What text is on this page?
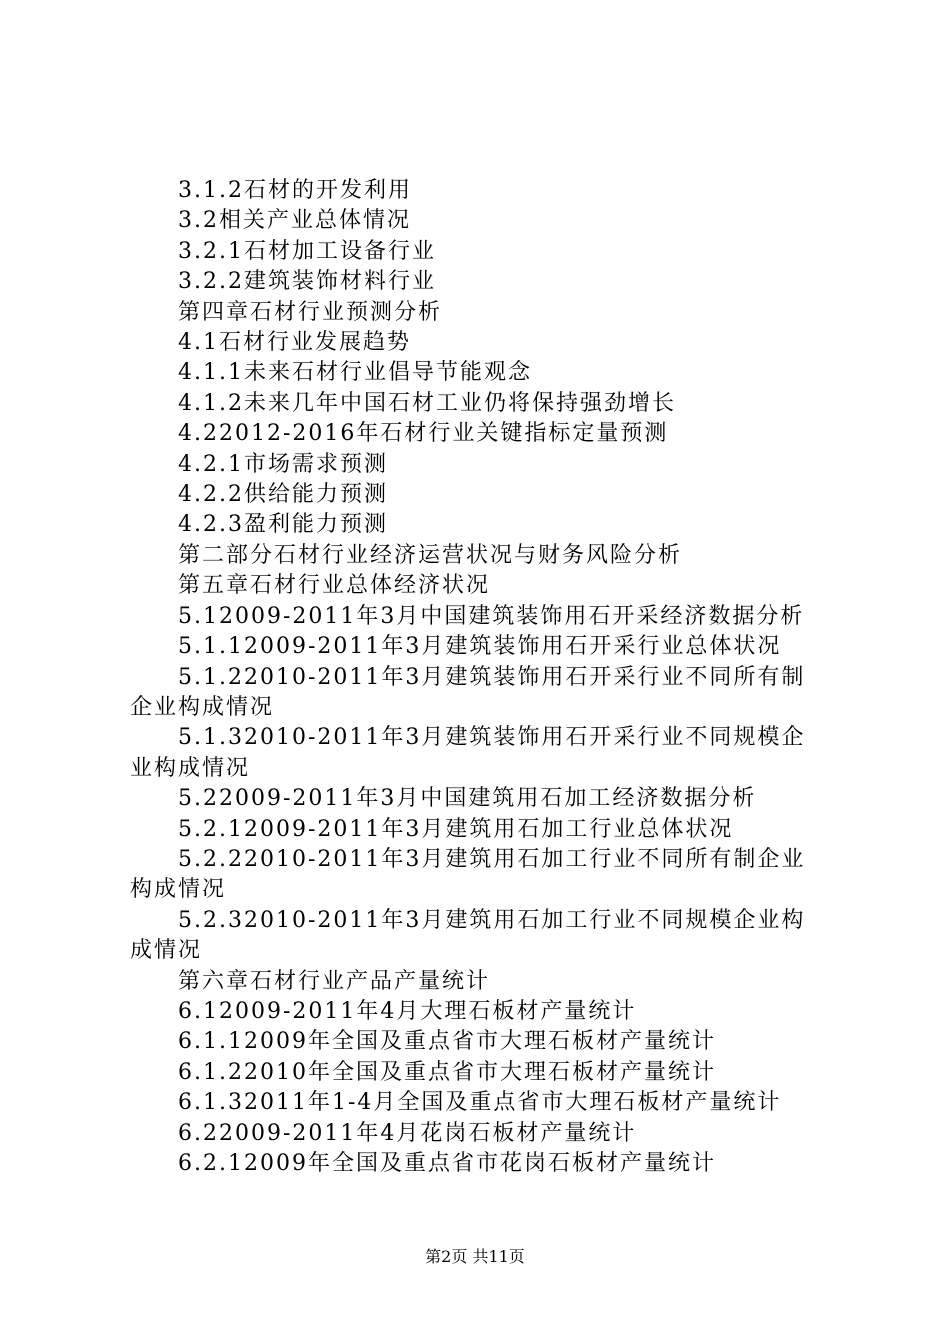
3.1.2石材的开发利用
3.2相关产业总体情况
3.2.1石材加工设备行业
3.2.2建筑装饰材料行业
第四章石材行业预测分析
4.1石材行业发展趋势
4.1.1未来石材行业倡导节能观念
4.1.2未来几年中国石材工业仍将保持强劲增长
4.22012-2016年石材行业关键指标定量预测
4.2.1市场需求预测
4.2.2供给能力预测
4.2.3盈利能力预测
第二部分石材行业经济运营状况与财务风险分析
第五章石材行业总体经济状况
5.12009-2011年3月中国建筑装饰用石开采经济数据分析
5.1.12009-2011年3月建筑装饰用石开采行业总体状况
5.1.22010-2011年3月建筑装饰用石开采行业不同所有制
企业构成情况
5.1.32010-2011年3月建筑装饰用石开采行业不同规模企
业构成情况
5.22009-2011年3月中国建筑用石加工经济数据分析
5.2.12009-2011年3月建筑用石加工行业总体状况
5.2.22010-2011年3月建筑用石加工行业不同所有制企业
构成情况
5.2.32010-2011年3月建筑用石加工行业不同规模企业构
成情况
第六章石材行业产品产量统计
6.12009-2011年4月大理石板材产量统计
6.1.12009年全国及重点省市大理石板材产量统计
6.1.22010年全国及重点省市大理石板材产量统计
6.1.32011年1-4月全国及重点省市大理石板材产量统计
6.22009-2011年4月花岗石板材产量统计
6.2.12009年全国及重点省市花岗石板材产量统计
第2页 共11页
